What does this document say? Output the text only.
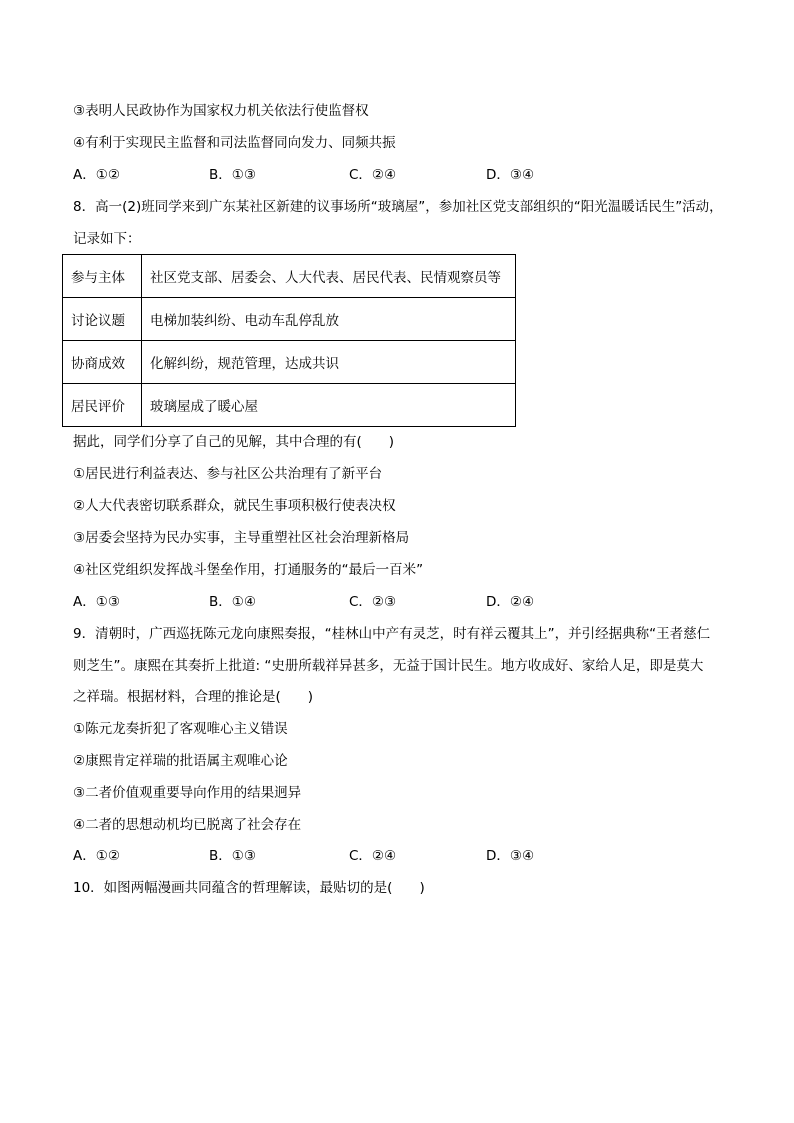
③表明人民政协作为国家权力机关依法行使监督权
④有利于实现民主监督和司法监督同向发力、同频共振
A．①②	B．①③	C．②④	D．③④
8．高一(2)班同学来到广东某社区新建的议事场所“玻璃屋”，参加社区党支部组织的“阳光温暖话民生”活动，
记录如下：
参与主体	社区党支部、居委会、人大代表、居民代表、民情观察员等
讨论议题	电梯加装纠纷、电动车乱停乱放
协商成效	化解纠纷，规范管理，达成共识
居民评价	玻璃屋成了暖心屋
据此，同学们分享了自己的见解，其中合理的有(　　)
①居民进行利益表达、参与社区公共治理有了新平台
②人大代表密切联系群众，就民生事项积极行使表决权
③居委会坚持为民办实事，主导重塑社区社会治理新格局
④社区党组织发挥战斗堡垒作用，打通服务的“最后一百米”
A．①③	B．①④	C．②③	D．②④
9．清朝时，广西巡抚陈元龙向康熙奏报，“桂林山中产有灵芝，时有祥云覆其上”，并引经据典称“王者慈仁
则芝生”。康熙在其奏折上批道: “史册所载祥异甚多，无益于国计民生。地方收成好、家给人足，即是莫大
之祥瑞。根据材料，合理的推论是(　　)
①陈元龙奏折犯了客观唯心主义错误
②康熙肯定祥瑞的批语属主观唯心论
③二者价值观重要导向作用的结果迥异
④二者的思想动机均已脱离了社会存在
A．①②	B．①③	C．②④	D．③④
10．如图两幅漫画共同蕴含的哲理解读，最贴切的是(　　)
